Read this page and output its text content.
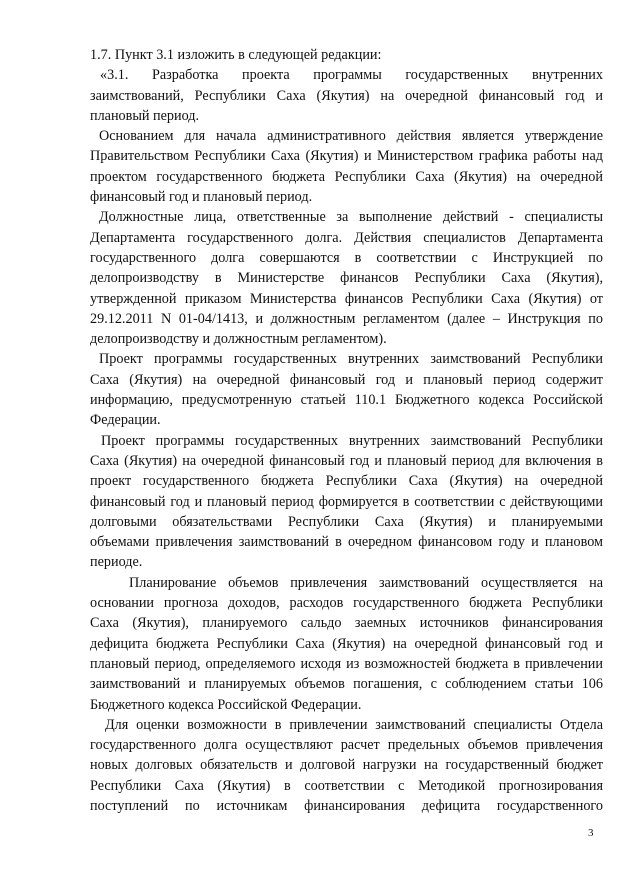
1.7. Пункт 3.1 изложить в следующей редакции:
«3.1. Разработка проекта программы государственных внутренних
заимствований, Республики Саха (Якутия) на очередной финансовый год и
плановый период.
Основанием для начала административного действия является утверждение
Правительством Республики Саха (Якутия) и Министерством графика работы над
проектом государственного бюджета Республики Саха (Якутия) на очередной
финансовый год и плановый период.
Должностные лица, ответственные за выполнение действий - специалисты
Департамента государственного долга. Действия специалистов Департамента
государственного долга совершаются в соответствии с Инструкцией по
делопроизводству в Министерстве финансов Республики Саха (Якутия),
утвержденной приказом Министерства финансов Республики Саха (Якутия) от
29.12.2011 N 01-04/1413, и должностным регламентом (далее – Инструкция по
делопроизводству и должностным регламентом).
Проект программы государственных внутренних заимствований Республики
Саха (Якутия) на очередной финансовый год и плановый период содержит
информацию, предусмотренную статьей 110.1 Бюджетного кодекса Российской
Федерации.
Проект программы государственных внутренних заимствований Республики
Саха (Якутия) на очередной финансовый год и плановый период для включения в
проект государственного бюджета Республики Саха (Якутия) на очередной
финансовый год и плановый период формируется в соответствии с действующими
долговыми обязательствами Республики Саха (Якутия) и планируемыми
объемами привлечения заимствований в очередном финансовом году и плановом
периоде.
Планирование объемов привлечения заимствований осуществляется на
основании прогноза доходов, расходов государственного бюджета Республики
Саха (Якутия), планируемого сальдо заемных источников финансирования
дефицита бюджета Республики Саха (Якутия) на очередной финансовый год и
плановый период, определяемого исходя из возможностей бюджета в привлечении
заимствований и планируемых объемов погашения, с соблюдением статьи 106
Бюджетного кодекса Российской Федерации.
Для оценки возможности в привлечении заимствований специалисты Отдела
государственного долга осуществляют расчет предельных объемов привлечения
новых долговых обязательств и долговой нагрузки на государственный бюджет
Республики Саха (Якутия) в соответствии с Методикой прогнозирования
поступлений по источникам финансирования дефицита государственного
3
